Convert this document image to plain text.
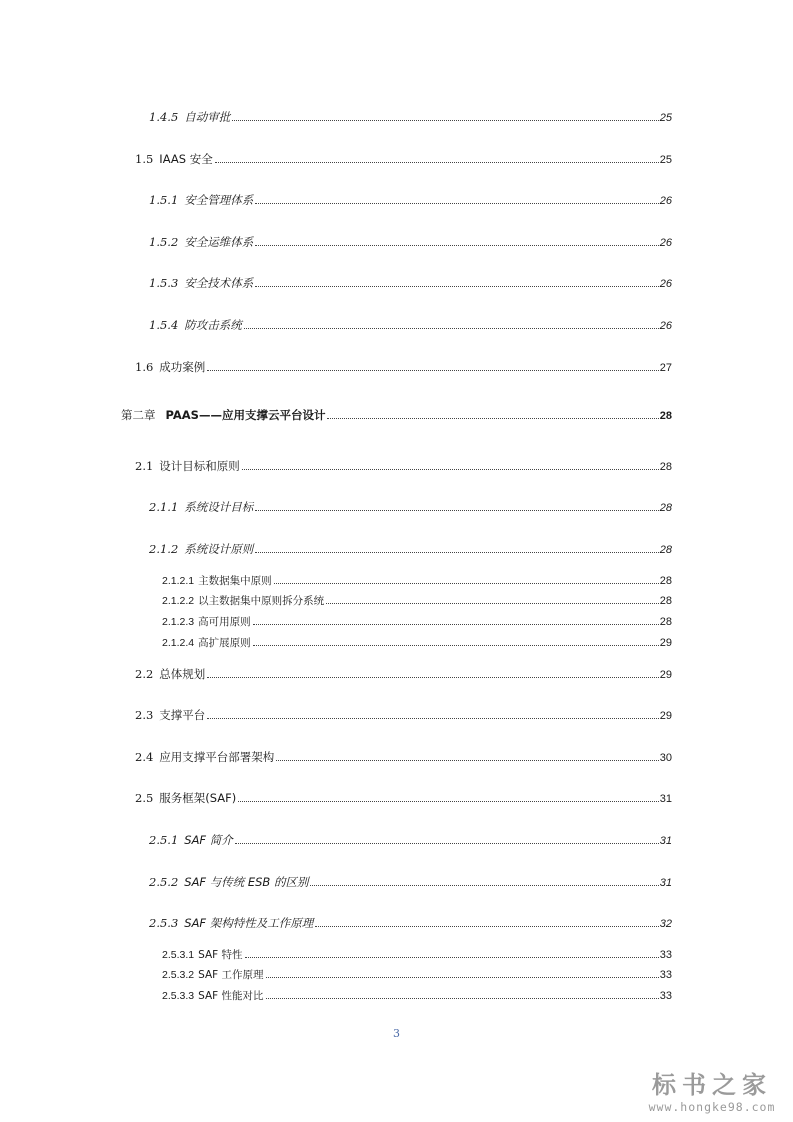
1.4.5 自动审批	25
1.5 IAAS 安全	25
1.5.1 安全管理体系	26
1.5.2 安全运维体系	26
1.5.3 安全技术体系	26
1.5.4 防攻击系统	26
1.6 成功案例	27
第二章 PAAS——应用支撑云平台设计	28
2.1 设计目标和原则	28
2.1.1 系统设计目标	28
2.1.2 系统设计原则	28
2.1.2.1 主数据集中原则	28
2.1.2.2 以主数据集中原则拆分系统	28
2.1.2.3 高可用原则	28
2.1.2.4 高扩展原则	29
2.2 总体规划	29
2.3 支撑平台	29
2.4 应用支撑平台部署架构	30
2.5 服务框架(SAF)	31
2.5.1 SAF 简介	31
2.5.2 SAF 与传统 ESB 的区别	31
2.5.3 SAF 架构特性及工作原理	32
2.5.3.1 SAF 特性	33
2.5.3.2 SAF 工作原理	33
2.5.3.3 SAF 性能对比	33
3
标书之家
www.hongke98.com
